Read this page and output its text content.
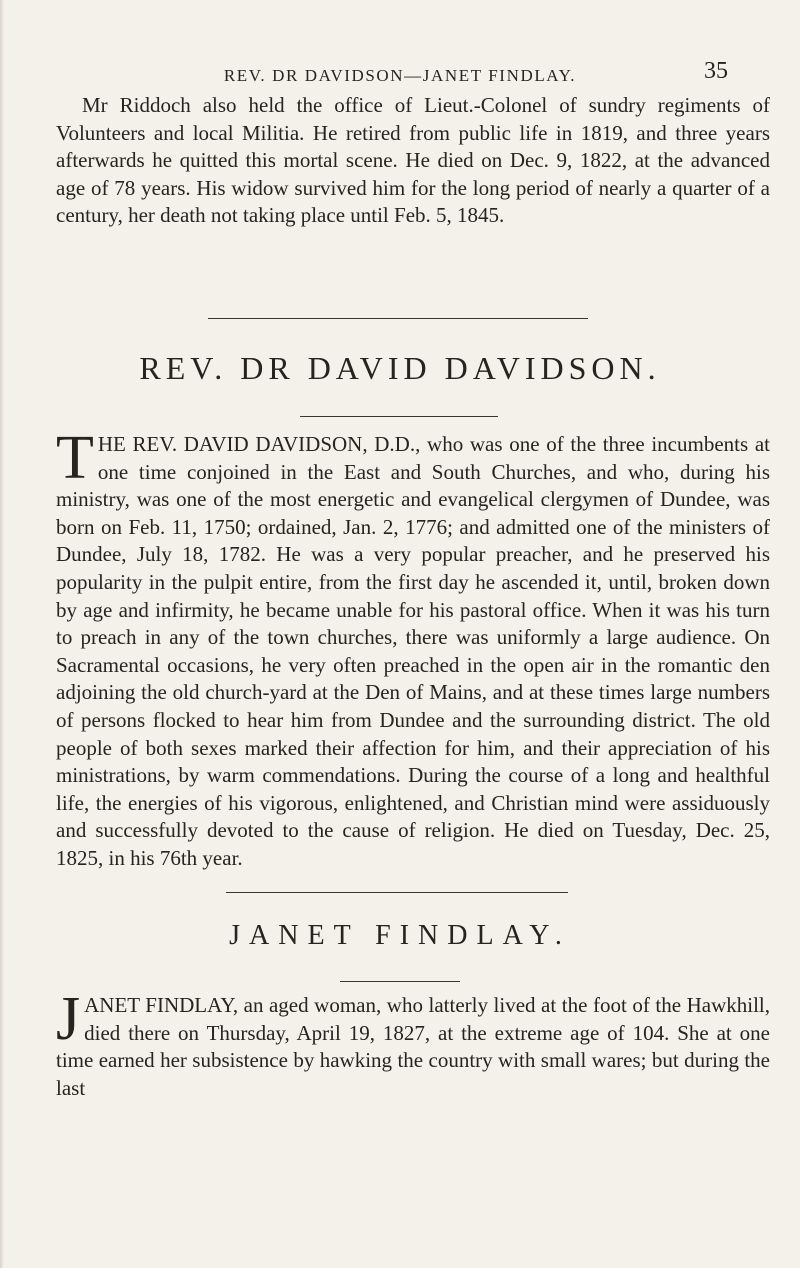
REV. DR DAVIDSON—JANET FINDLAY.	35

Mr Riddoch also held the office of Lieut.-Colonel of sundry regiments of Volunteers and local Militia. He retired from public life in 1819, and three years afterwards he quitted this mortal scene. He died on Dec. 9, 1822, at the advanced age of 78 years. His widow survived him for the long period of nearly a quarter of a century, her death not taking place until Feb. 5, 1845.

REV. DR DAVID DAVIDSON.
THE REV. DAVID DAVIDSON, D.D., who was one of the three incumbents at one time conjoined in the East and South Churches, and who, during his ministry, was one of the most energetic and evangelical clergymen of Dundee, was born on Feb. 11, 1750; ordained, Jan. 2, 1776; and admitted one of the ministers of Dundee, July 18, 1782. He was a very popular preacher, and he preserved his popularity in the pulpit entire, from the first day he ascended it, until, broken down by age and infirmity, he became unable for his pastoral office. When it was his turn to preach in any of the town churches, there was uniformly a large audience. On Sacramental occasions, he very often preached in the open air in the romantic den adjoining the old church-yard at the Den of Mains, and at these times large numbers of persons flocked to hear him from Dundee and the surrounding district. The old people of both sexes marked their affection for him, and their appreciation of his ministrations, by warm commendations. During the course of a long and healthful life, the energies of his vigorous, enlightened, and Christian mind were assiduously and successfully devoted to the cause of religion. He died on Tuesday, Dec. 25, 1825, in his 76th year.
JANET FINDLAY.
JANET FINDLAY, an aged woman, who latterly lived at the foot of the Hawkhill, died there on Thursday, April 19, 1827, at the extreme age of 104. She at one time earned her subsistence by hawking the country with small wares; but during the last
